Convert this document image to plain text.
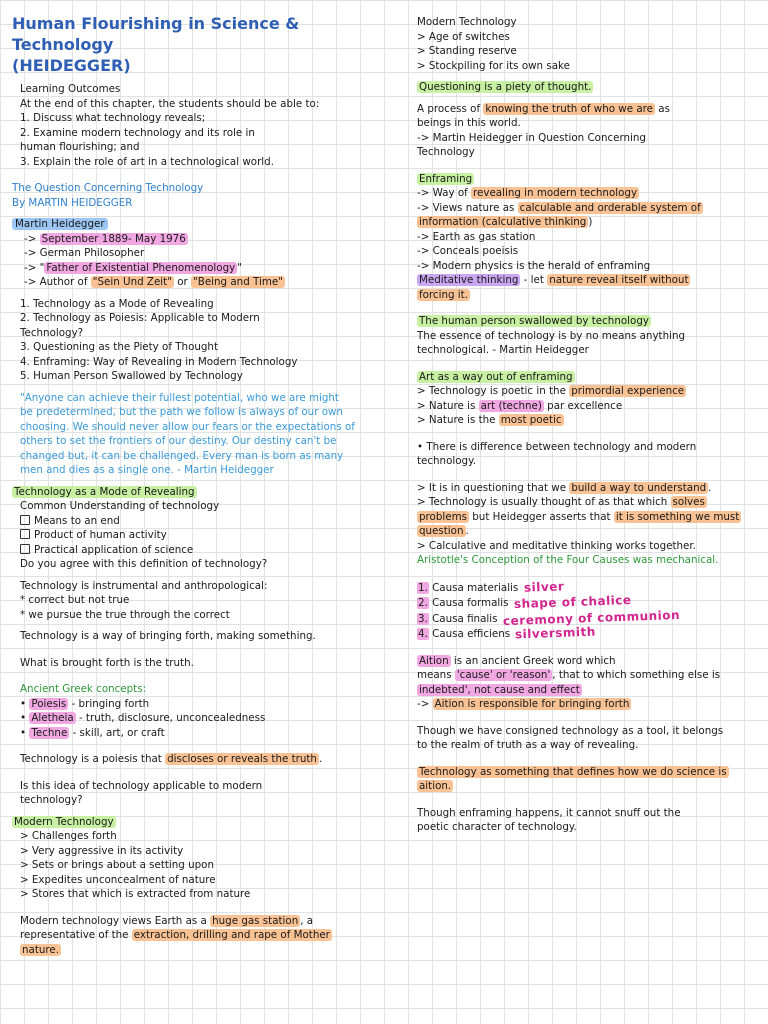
Human Flourishing in Science & Technology
(HEIDEGGER)

Learning Outcomes

At the end of this chapter, the students should be able to:

1. Discuss what technology reveals;

2. Examine modern technology and its role in

human flourishing; and

3. Explain the role of art in a technological world.

The Question Concerning Technology

By MARTIN HEIDEGGER

Martin Heidegger

-> September 1889- May 1976

-> German Philosopher

-> " Father of Existential Phenomenology "

-> Author of "Sein Und Zeit" or "Being and Time"

1. Technology as a Mode of Revealing

2. Technology as Poiesis: Applicable to Modern

Technology?

3. Questioning as the Piety of Thought

4. Enframing: Way of Revealing in Modern Technology

5. Human Person Swallowed by Technology

"Anyone can achieve their fullest potential, who we are might

be predetermined, but the path we follow is always of our own

choosing. We should never allow our fears or the expectations of

others to set the frontiers of our destiny. Our destiny can't be

changed but, it can be challenged. Every man is born as many

men and dies as a single one. - Martin Heidegger

Technology as a Mode of Revealing

Common Understanding of technology

Means to an end

Product of human activity

Practical application of science

Do you agree with this definition of technology?

Technology is instrumental and anthropological:

* correct but not true

* we pursue the true through the correct

Technology is a way of bringing forth, making something.

What is brought forth is the truth.

Ancient Greek concepts:

• Poiesis - bringing forth

• Aletheia - truth, disclosure, unconcealedness

• Techne - skill, art, or craft

Technology is a poiesis that discloses or reveals the truth .

Is this idea of technology applicable to modern

technology?

Modern Technology

> Challenges forth

> Very aggressive in its activity

> Sets or brings about a setting upon

> Expedites unconcealment of nature

> Stores that which is extracted from nature

Modern technology views Earth as a huge gas station , a

representative of the extraction, drilling and rape of Mother

nature.

Modern Technology

> Age of switches

> Standing reserve

> Stockpiling for its own sake

Questioning is a piety of thought.

A process of knowing the truth of who we are as

beings in this world.

-> Martin Heidegger in Question Concerning

Technology

Enframing

-> Way of revealing in modern technology

-> Views nature as calculable and orderable system of

information (calculative thinking )

-> Earth as gas station

-> Conceals poeisis

-> Modern physics is the herald of enframing

Meditative thinking - let nature reveal itself without

forcing it.

The human person swallowed by technology

The essence of technology is by no means anything

technological. - Martin Heidegger

Art as a way out of enframing

> Technology is poetic in the primordial experience

> Nature is art (techne) par excellence

> Nature is the most poetic

• There is difference between technology and modern

technology.

> It is in questioning that we build a way to understand .

> Technology is usually thought of as that which solves

problems but Heidegger asserts that it is something we must

question .

> Calculative and meditative thinking works together.

Aristotle's Conception of the Four Causes was mechanical.

1. Causa materialis silver

2. Causa formalis shape of chalice

3. Causa finalis ceremony of communion

4. Causa efficiens silversmith

Aition is an ancient Greek word which

means 'cause' or 'reason' , that to which something else is

indebted', not cause and effect

-> Aition is responsible for bringing forth

Though we have consigned technology as a tool, it belongs

to the realm of truth as a way of revealing.

Technology as something that defines how we do science is

aition.

Though enframing happens, it cannot snuff out the

poetic character of technology.
